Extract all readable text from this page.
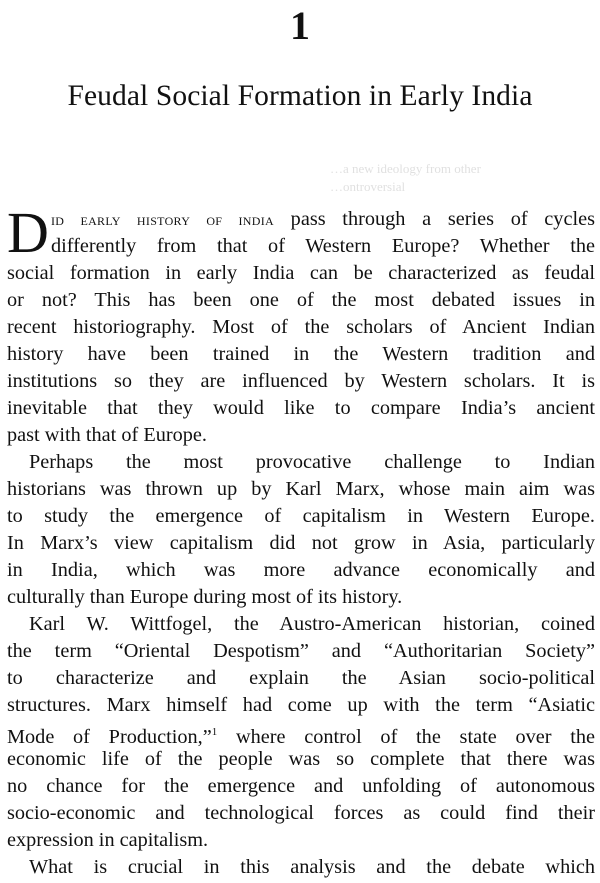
1
Feudal Social Formation in Early India
…a new ideology from other
…ontroversial
D id early history of india pass through a series of cycles
differently from that of Western Europe? Whether the
social formation in early India can be characterized as feudal
or not? This has been one of the most debated issues in
recent historiography. Most of the scholars of Ancient Indian
history have been trained in the Western tradition and
institutions so they are influenced by Western scholars. It is
inevitable that they would like to compare India’s ancient
past with that of Europe.
Perhaps the most provocative challenge to Indian
historians was thrown up by Karl Marx, whose main aim was
to study the emergence of capitalism in Western Europe.
In Marx’s view capitalism did not grow in Asia, particularly
in India, which was more advance economically and
culturally than Europe during most of its history.
Karl W. Wittfogel, the Austro-American historian, coined
the term “Oriental Despotism” and “Authoritarian Society”
to characterize and explain the Asian socio-political
structures. Marx himself had come up with the term “Asiatic
Mode of Production,”$^1$ where control of the state over the
economic life of the people was so complete that there was
no chance for the emergence and unfolding of autonomous
socio-economic and technological forces as could find their
expression in capitalism.
What is crucial in this analysis and the debate which
